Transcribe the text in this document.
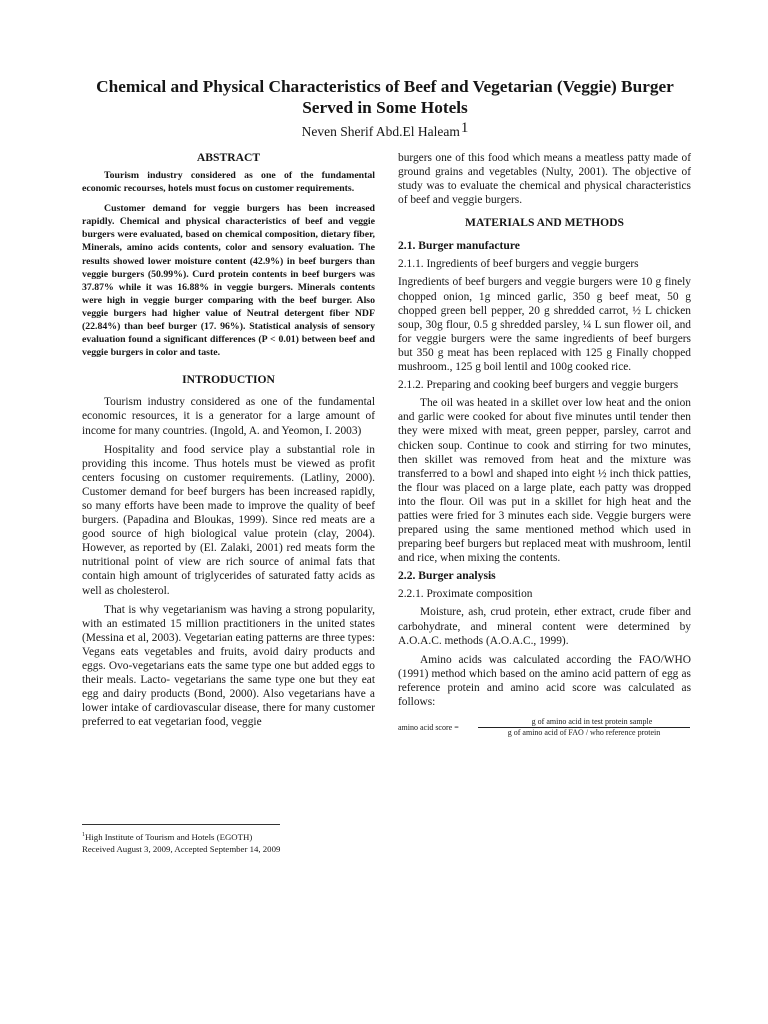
Chemical and Physical Characteristics of Beef and Vegetarian (Veggie) Burger
Served in Some Hotels
Neven Sherif Abd.El Haleam$^1$
ABSTRACT

Tourism industry considered as one of the fundamental economic recourses, hotels must focus on customer requirements.

Customer demand for veggie burgers has been increased rapidly. Chemical and physical characteristics of beef and veggie burgers were evaluated, based on chemical composition, dietary fiber, Minerals, amino acids contents, color and sensory evaluation. The results showed lower moisture content (42.9%) in beef burgers than veggie burgers (50.99%). Curd protein contents in beef burgers was 37.87% while it was 16.88% in veggie burgers. Minerals contents were high in veggie burger comparing with the beef burger. Also veggie burgers had higher value of Neutral detergent fiber NDF (22.84%) than beef burger (17. 96%). Statistical analysis of sensory evaluation found a significant differences (P < 0.01) between beef and veggie burgers in color and taste.

INTRODUCTION

Tourism industry considered as one of the fundamental economic resources, it is a generator for a large amount of income for many countries. (Ingold, A. and Yeomon, I. 2003)

Hospitality and food service play a substantial role in providing this income. Thus hotels must be viewed as profit centers focusing on customer requirements. (Latliny, 2000). Customer demand for beef burgers has been increased rapidly, so many efforts have been made to improve the quality of beef burgers. (Papadina and Bloukas, 1999). Since red meats are a good source of high biological value protein (clay, 2004). However, as reported by (El. Zalaki, 2001) red meats form the nutritional point of view are rich source of animal fats that contain high amount of triglycerides of saturated fatty acids as well as cholesterol.

That is why vegetarianism was having a strong popularity, with an estimated 15 million practitioners in the united states (Messina et al, 2003). Vegetarian eating patterns are three types: Vegans eats vegetables and fruits, avoid dairy products and eggs. Ovo-vegetarians eats the same type one but added eggs to their meals. Lacto- vegetarians the same type one but they eat egg and dairy products (Bond, 2000). Also vegetarians have a lower intake of cardiovascular disease, there for many customer preferred to eat vegetarian food, veggie

burgers one of this food which means a meatless patty made of ground grains and vegetables (Nulty, 2001). The objective of study was to evaluate the chemical and physical characteristics of beef and veggie burgers.

MATERIALS AND METHODS
2.1. Burger manufacture
2.1.1. Ingredients of beef burgers and veggie burgers

Ingredients of beef burgers and veggie burgers were 10 g finely chopped onion, 1g minced garlic, 350 g beef meat, 50 g chopped green bell pepper, 20 g shredded carrot, ½ L chicken soup, 30g flour, 0.5 g shredded parsley, ¼ L sun flower oil, and for veggie burgers were the same ingredients of beef burgers but 350 g meat has been replaced with 125 g Finally chopped mushroom., 125 g boil lentil and 100g cooked rice.

2.1.2. Preparing and cooking beef burgers and veggie burgers

The oil was heated in a skillet over low heat and the onion and garlic were cooked for about five minutes until tender then they were mixed with meat, green pepper, parsley, carrot and chicken soup. Continue to cook and stirring for two minutes, then skillet was removed from heat and the mixture was transferred to a bowl and shaped into eight ½ inch thick patties, the flour was placed on a large plate, each patty was dropped into the flour. Oil was put in a skillet for high heat and the patties were fried for 3 minutes each side. Veggie burgers were prepared using the same mentioned method which used in preparing beef burgers but replaced meat with mushroom, lentil and rice, when mixing the contents.

2.2. Burger analysis
2.2.1. Proximate composition

Moisture, ash, crud protein, ether extract, crude fiber and carbohydrate, and mineral content were determined by A.O.A.C. methods (A.O.A.C., 1999).

Amino acids was calculated according the FAO/WHO (1991) method which based on the amino acid pattern of egg as reference protein and amino acid score was calculated as follows:

amino acid score =
g of amino acid in test protein sample
g of amino acid of FAO / who reference protein
$^1$High Institute of Tourism and Hotels (EGOTH)
Received August 3, 2009, Accepted September 14, 2009
